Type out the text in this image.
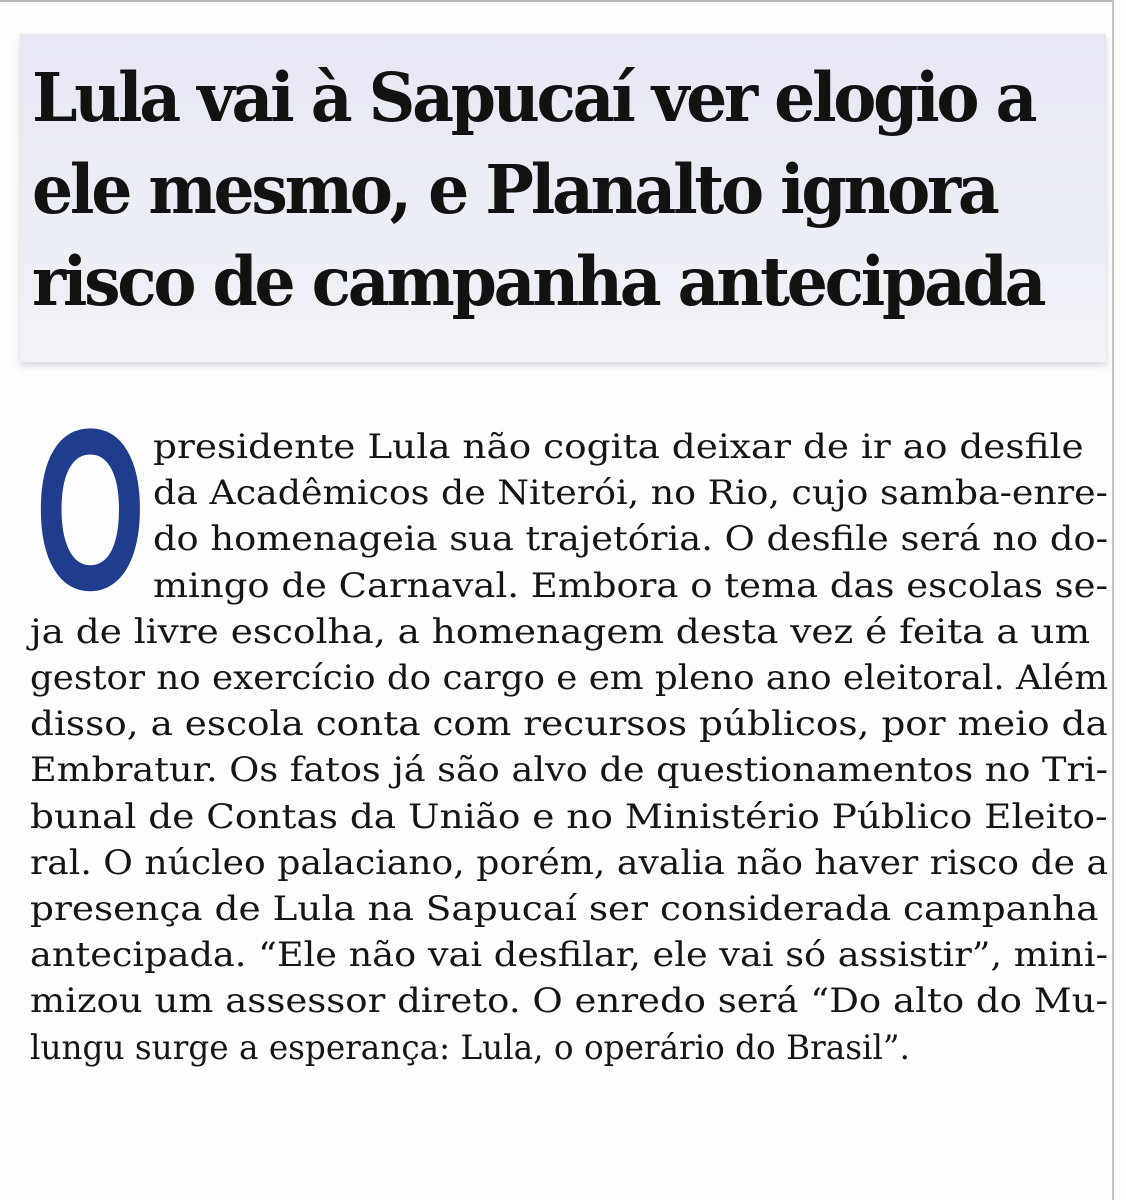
Lula vai à Sapucaí ver elogio a
ele mesmo, e Planalto ignora
risco de campanha antecipada
O presidente Lula não cogita deixar de ir ao desfile
da Acadêmicos de Niterói, no Rio, cujo samba-enre-
do homenageia sua trajetória. O desfile será no do-
mingo de Carnaval. Embora o tema das escolas se-
ja de livre escolha, a homenagem desta vez é feita a um
gestor no exercício do cargo e em pleno ano eleitoral. Além
disso, a escola conta com recursos públicos, por meio da
Embratur. Os fatos já são alvo de questionamentos no Tri-
bunal de Contas da União e no Ministério Público Eleito-
ral. O núcleo palaciano, porém, avalia não haver risco de a
presença de Lula na Sapucaí ser considerada campanha
antecipada. “Ele não vai desfilar, ele vai só assistir”, mini-
mizou um assessor direto. O enredo será “Do alto do Mu-
lungu surge a esperança: Lula, o operário do Brasil”.
